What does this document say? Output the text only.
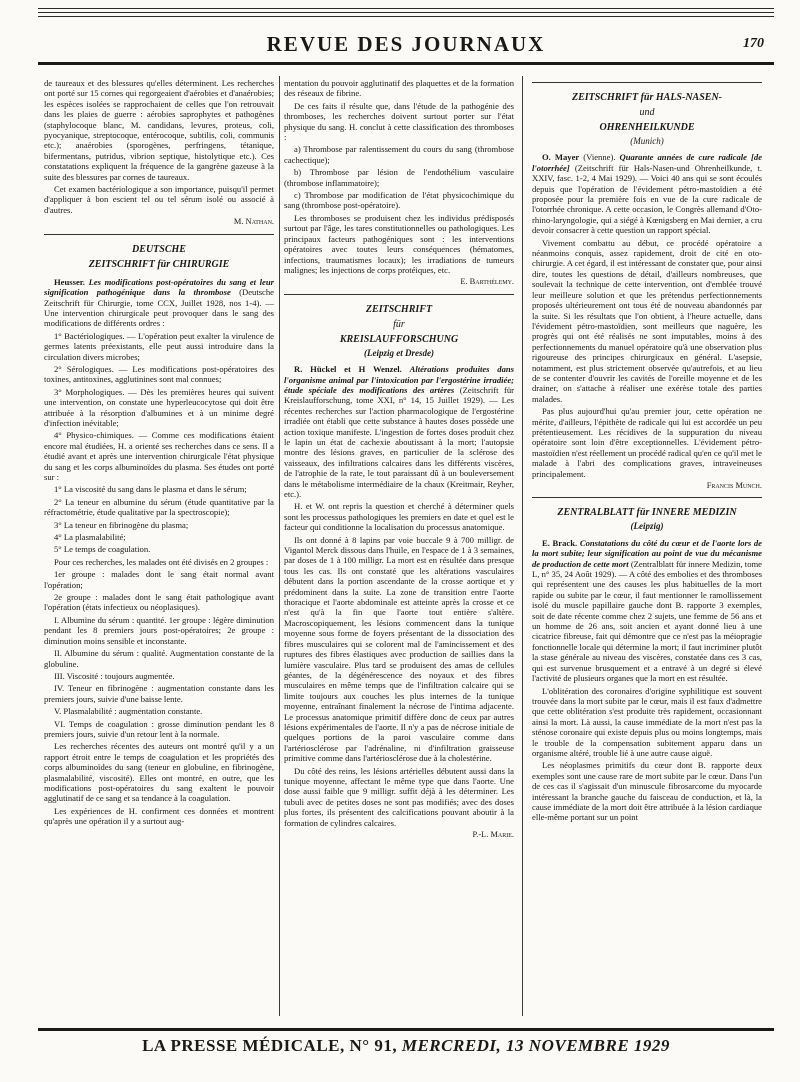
REVUE DES JOURNAUX	170

de taureaux et des blessures qu'elles déterminent. Les recherches ont porté sur 15 cornes qui regorgeaient d'aérobies et d'anaérobies; les espèces isolées se rapprochaient de celles que l'on retrouvait dans les plaies de guerre : aérobies saprophytes et pathogènes (staphylocoque blanc, M. candidans, levures, proteus, coli, pyocyanique, streptocoque, entérocoque, subtilis, coli, communis etc.); anaérobies (sporogènes, perfringens, tétanique, bifermentans, putridus, vibrion septique, histolytique etc.). Ces constatations expliquent la fréquence de la gangrène gazeuse à la suite des blessures par cornes de taureaux.

Cet examen bactériologique a son importance, puisqu'il permet d'appliquer à bon escient tel ou tel sérum isolé ou associé à d'autres.

M. Nathan.
DEUTSCHE
ZEITSCHRIFT für CHIRURGIE

Heusser. Les modifications post-opératoires du sang et leur signification pathogénique dans la thrombose (Deutsche Zeitschrift für Chirurgie, tome CCX, Juillet 1928, nos 1-4). — Une intervention chirurgicale peut provoquer dans le sang des modifications de différents ordres :

1° Bactériologiques. — L'opération peut exalter la virulence de germes latents préexistants, elle peut aussi introduire dans la circulation divers microbes;

2° Sérologiques. — Les modifications post-opératoires des toxines, antitoxines, agglutinines sont mal connues;

3° Morphologiques. — Dès les premières heures qui suivent une intervention, on constate une hyperleucocytose qui doit être attribuée à la résorption d'albumines et à un minime degré d'infection inévitable;

4° Physico-chimiques. — Comme ces modifications étaient encore mal étudiées, H. a orienté ses recherches dans ce sens. Il a étudié avant et après une intervention chirurgicale l'état physique du sang et les corps albuminoïdes du plasma. Ses études ont porté sur :

1° La viscosité du sang dans le plasma et dans le sérum;

2° La teneur en albumine du sérum (étude quantitative par la réfractométrie, étude qualitative par la spectroscopie);

3° La teneur en fibrinogène du plasma;

4° La plasmalabilité;

5° Le temps de coagulation.

Pour ces recherches, les malades ont été divisés en 2 groupes :

1er groupe : malades dont le sang était normal avant l'opération;

2e groupe : malades dont le sang était pathologique avant l'opération (états infectieux ou néoplasiques).

I. Albumine du sérum : quantité. 1er groupe : légère diminution pendant les 8 premiers jours post-opératoires; 2e groupe : diminution moins sensible et inconstante.

II. Albumine du sérum : qualité. Augmentation constante de la globuline.

III. Viscosité : toujours augmentée.

IV. Teneur en fibrinogène : augmentation constante dans les premiers jours, suivie d'une baisse lente.

V. Plasmalabilité : augmentation constante.

VI. Temps de coagulation : grosse diminution pendant les 8 premiers jours, suivie d'un retour lent à la normale.

Les recherches récentes des auteurs ont montré qu'il y a un rapport étroit entre le temps de coagulation et les propriétés des corps albuminoïdes du sang (teneur en globuline, en fibrinogène, plasmalabilité, viscosité). Elles ont montré, en outre, que les modifications post-opératoires du sang exaltent le pouvoir agglutinatif de ce sang et sa tendance à la coagulation.

Les expériences de H. confirment ces données et montrent qu'après une opération il y a surtout aug-

mentation du pouvoir agglutinatif des plaquettes et de la formation des réseaux de fibrine.

De ces faits il résulte que, dans l'étude de la pathogénie des thromboses, les recherches doivent surtout porter sur l'état physique du sang. H. conclut à cette classification des thromboses :

a) Thrombose par ralentissement du cours du sang (thrombose cachectique);

b) Thrombose par lésion de l'endothélium vasculaire (thrombose inflammatoire);

c) Thrombose par modification de l'état physicochimique du sang (thrombose post-opératoire).

Les thromboses se produisent chez les individus prédisposés surtout par l'âge, les tares constitutionnelles ou pathologiques. Les principaux facteurs pathogéniques sont : les interventions opératoires avec toutes leurs conséquences (hématomes, infections, traumatismes locaux); les irradiations de tumeurs malignes; les injections de corps protéiques, etc.

E. Barthélemy.
ZEITSCHRIFT
für
KREISLAUFFORSCHUNG
(Leipzig et Dresde)

R. Hückel et H Wenzel. Altérations produites dans l'organisme animal par l'intoxication par l'ergostérine irradiée; étude spéciale des modifications des artères (Zeitschrift für Kreislaufforschung, tome XXI, n° 14, 15 Juillet 1929). — Les récentes recherches sur l'action pharmacologique de l'ergostérine irradiée ont établi que cette substance à hautes doses possède une action toxique manifeste. L'ingestion de fortes doses produit chez le lapin un état de cachexie aboutissant à la mort; l'autopsie montre des lésions graves, en particulier de la sclérose des vaisseaux, des infiltrations calcaires dans les différents viscères, de l'atrophie de la rate, le tout paraissant dû à un bouleversement dans le métabolisme intermédiaire de la chaux (Kreitmair, Reyher, etc.).

H. et W. ont repris la question et cherché à déterminer quels sont les processus pathologiques les premiers en date et quel est le facteur qui conditionne la localisation du processus anatomique.

Ils ont donné à 8 lapins par voie buccale 9 à 700 milligr. de Vigantol Merck dissous dans l'huile, en l'espace de 1 à 3 semaines, par doses de 1 à 100 milligr. La mort est en résultée dans presque tous les cas. Ils ont constaté que les altérations vasculaires débutent dans la portion ascendante de la crosse aortique et y prédominent dans la suite. La zone de transition entre l'aorte thoracique et l'aorte abdominale est atteinte après la crosse et ce n'est qu'à la fin que l'aorte tout entière s'altère. Macroscopiquement, les lésions commencent dans la tunique moyenne sous forme de foyers présentant de la dissociation des fibres musculaires qui se colorent mal de l'amincissement et des ruptures des fibres élastiques avec production de saillies dans la lumière vasculaire. Plus tard se produisent des amas de cellules géantes, de la dégénérescence des noyaux et des fibres musculaires en même temps que de l'infiltration calcaire qui se limite toujours aux couches les plus internes de la tunique moyenne, entraînant finalement la nécrose de l'intima adjacente. Le processus anatomique primitif diffère donc de ceux par autres lésions expérimentales de l'aorte. Il n'y a pas de nécrose initiale de quelques portions de la paroi vasculaire comme dans l'artériosclérose par l'adrénaline, ni d'infiltration graisseuse primitive comme dans l'artériosclérose due à la cholestérine.

Du côté des reins, les lésions artérielles débutent aussi dans la tunique moyenne, affectant le même type que dans l'aorte. Une dose aussi faible que 9 milligr. suffit déjà à les déterminer. Les tubuli avec de petites doses ne sont pas modifiés; avec des doses plus fortes, ils présentent des calcifications pouvant aboutir à la formation de cylindres calcaires.

P.-L. Marie.
ZEITSCHRIFT für HALS-NASEN-
und
OHRENHEILKUNDE
(Munich)

O. Mayer (Vienne). Quarante années de cure radicale [de l'otorrhée] (Zeitschrift für Hals-Nasen-und Ohrenheilkunde, t. XXIV, fasc. 1-2, 4 Mai 1929). — Voici 40 ans qui se sont écoulés depuis que l'opération de l'évidement pétro-mastoïdien a été proposée pour la première fois en vue de la cure radicale de l'otorrhée chronique. A cette occasion, le Congrès allemand d'Oto-rhino-laryngologie, qui a siégé à Kœnigsberg en Mai dernier, a cru devoir consacrer à cette question un rapport spécial.

Vivement combattu au début, ce procédé opératoire a néanmoins conquis, assez rapidement, droit de cité en oto-chirurgie. A cet égard, il est intéressant de constater que, pour ainsi dire, toutes les questions de détail, d'ailleurs nombreuses, que soulevait la technique de cette intervention, ont d'emblée trouvé leur meilleure solution et que les prétendus perfectionnements proposés ultérieurement ont tous été de nouveau abandonnés par la suite. Si les résultats que l'on obtient, à l'heure actuelle, dans l'évidement pétro-mastoïdien, sont meilleurs que naguère, les progrès qui ont été réalisés ne sont imputables, moins à des perfectionnements du manuel opératoire qu'à une observation plus rigoureuse des principes chirurgicaux en général. L'asepsie, notamment, est plus strictement observée qu'autrefois, et au lieu de se contenter d'ouvrir les cavités de l'oreille moyenne et de les drainer, on s'attache à réaliser une exérèse totale des parties malades.

Pas plus aujourd'hui qu'au premier jour, cette opération ne mérite, d'ailleurs, l'épithète de radicale qui lui est accordée un peu prétentieusement. Les récidives de la suppuration du niveau opératoire sont loin d'être exceptionnelles. L'évidement pétro-mastoïdien n'est réellement un procédé radical qu'en ce qu'il met le malade à l'abri des complications graves, intraveineuses principalement.

Francis Munch.
ZENTRALBLATT für INNERE MEDIZIN
(Leipzig)

E. Brack. Constatations du côté du cœur et de l'aorte lors de la mort subite; leur signification au point de vue du mécanisme de production de cette mort (Zentralblatt für innere Medizin, tome L, n° 35, 24 Août 1929). — A côté des embolies et des thromboses qui représentent une des causes les plus habituelles de la mort rapide ou subite par le cœur, il faut mentionner le ramollissement isolé du muscle papillaire gauche dont B. rapporte 3 exemples, soit de date récente comme chez 2 sujets, une femme de 56 ans et un homme de 26 ans, soit ancien et ayant donné lieu à une cicatrice fibreuse, fait qui démontre que ce n'est pas la méiopragie fonctionnelle locale qui détermine la mort; il faut incriminer plutôt la stase générale au niveau des viscères, constatée dans ces 3 cas, qui est survenue brusquement et a entravé à un degré si élevé l'activité de plusieurs organes que la mort en est résultée.

L'oblitération des coronaires d'origine syphilitique est souvent trouvée dans la mort subite par le cœur, mais il est faux d'admettre que cette oblitération s'est produite très rapidement, occasionnant ainsi la mort. Là aussi, la cause immédiate de la mort n'est pas la sténose coronaire qui existe depuis plus ou moins longtemps, mais le trouble de la compensation subitement apparu dans un organisme altéré, trouble lié à une autre cause aiguë.

Les néoplasmes primitifs du cœur dont B. rapporte deux exemples sont une cause rare de mort subite par le cœur. Dans l'un de ces cas il s'agissait d'un minuscule fibrosarcome du myocarde intéressant la branche gauche du faisceau de conduction, et là, la cause immédiate de la mort doit être attribuée à la lésion cardiaque elle-même portant sur un point

LA PRESSE MÉDICALE, N° 91, MERCREDI, 13 NOVEMBRE 1929
